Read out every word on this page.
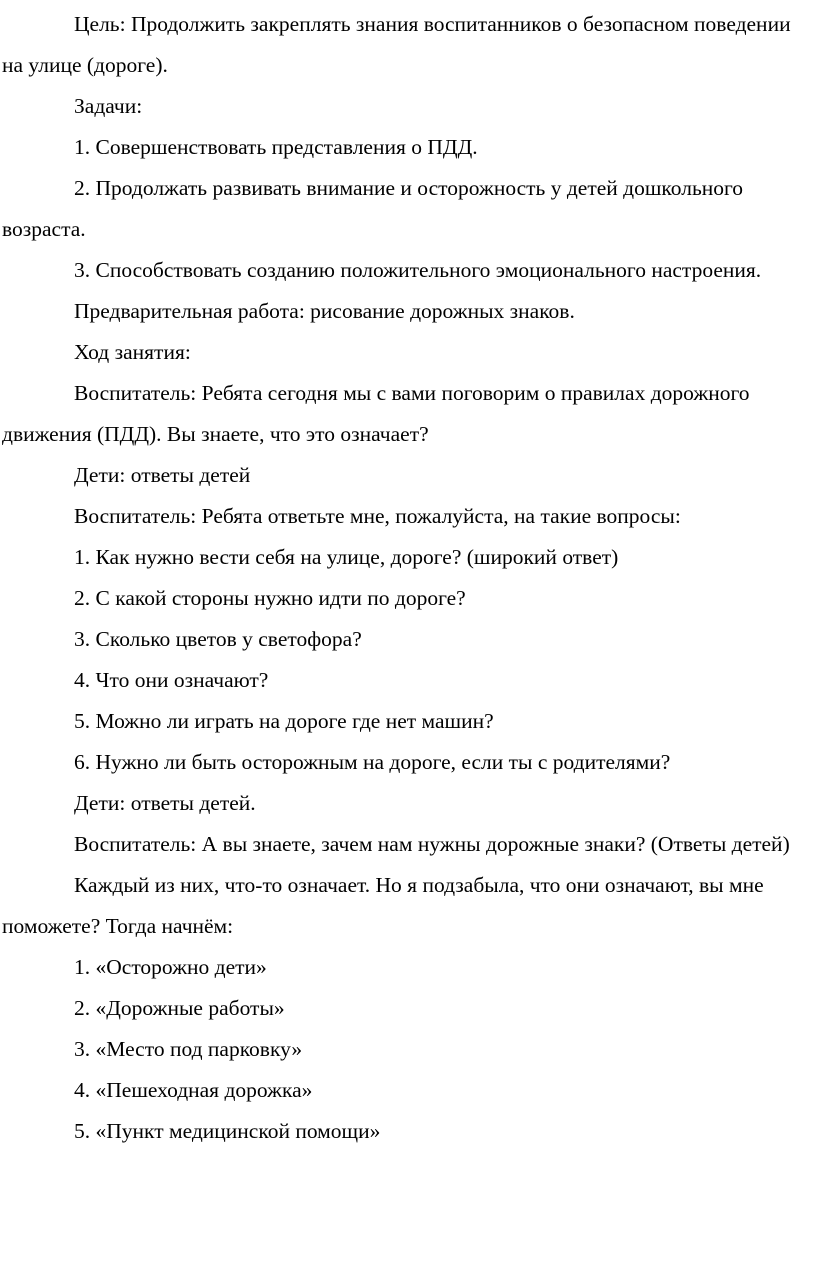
Цель: Продолжить закреплять знания воспитанников о безопасном поведении на улице (дороге).

Задачи:

1. Совершенствовать представления о ПДД.

2. Продолжать развивать внимание и осторожность у детей дошкольного возраста.

3. Способствовать созданию положительного эмоционального настроения.

Предварительная работа: рисование дорожных знаков.

Ход занятия:

Воспитатель: Ребята сегодня мы с вами поговорим о правилах дорожного движения (ПДД). Вы знаете, что это означает?

Дети: ответы детей

Воспитатель: Ребята ответьте мне, пожалуйста, на такие вопросы:

1. Как нужно вести себя на улице, дороге? (широкий ответ)

2. С какой стороны нужно идти по дороге?

3. Сколько цветов у светофора?

4. Что они означают?

5. Можно ли играть на дороге где нет машин?

6. Нужно ли быть осторожным на дороге, если ты с родителями?

Дети: ответы детей.

Воспитатель: А вы знаете, зачем нам нужны дорожные знаки? (Ответы детей)

Каждый из них, что-то означает. Но я подзабыла, что они означают, вы мне поможете? Тогда начнём:

1. «Осторожно дети»

2. «Дорожные работы»

3. «Место под парковку»

4. «Пешеходная дорожка»

5. «Пункт медицинской помощи»
